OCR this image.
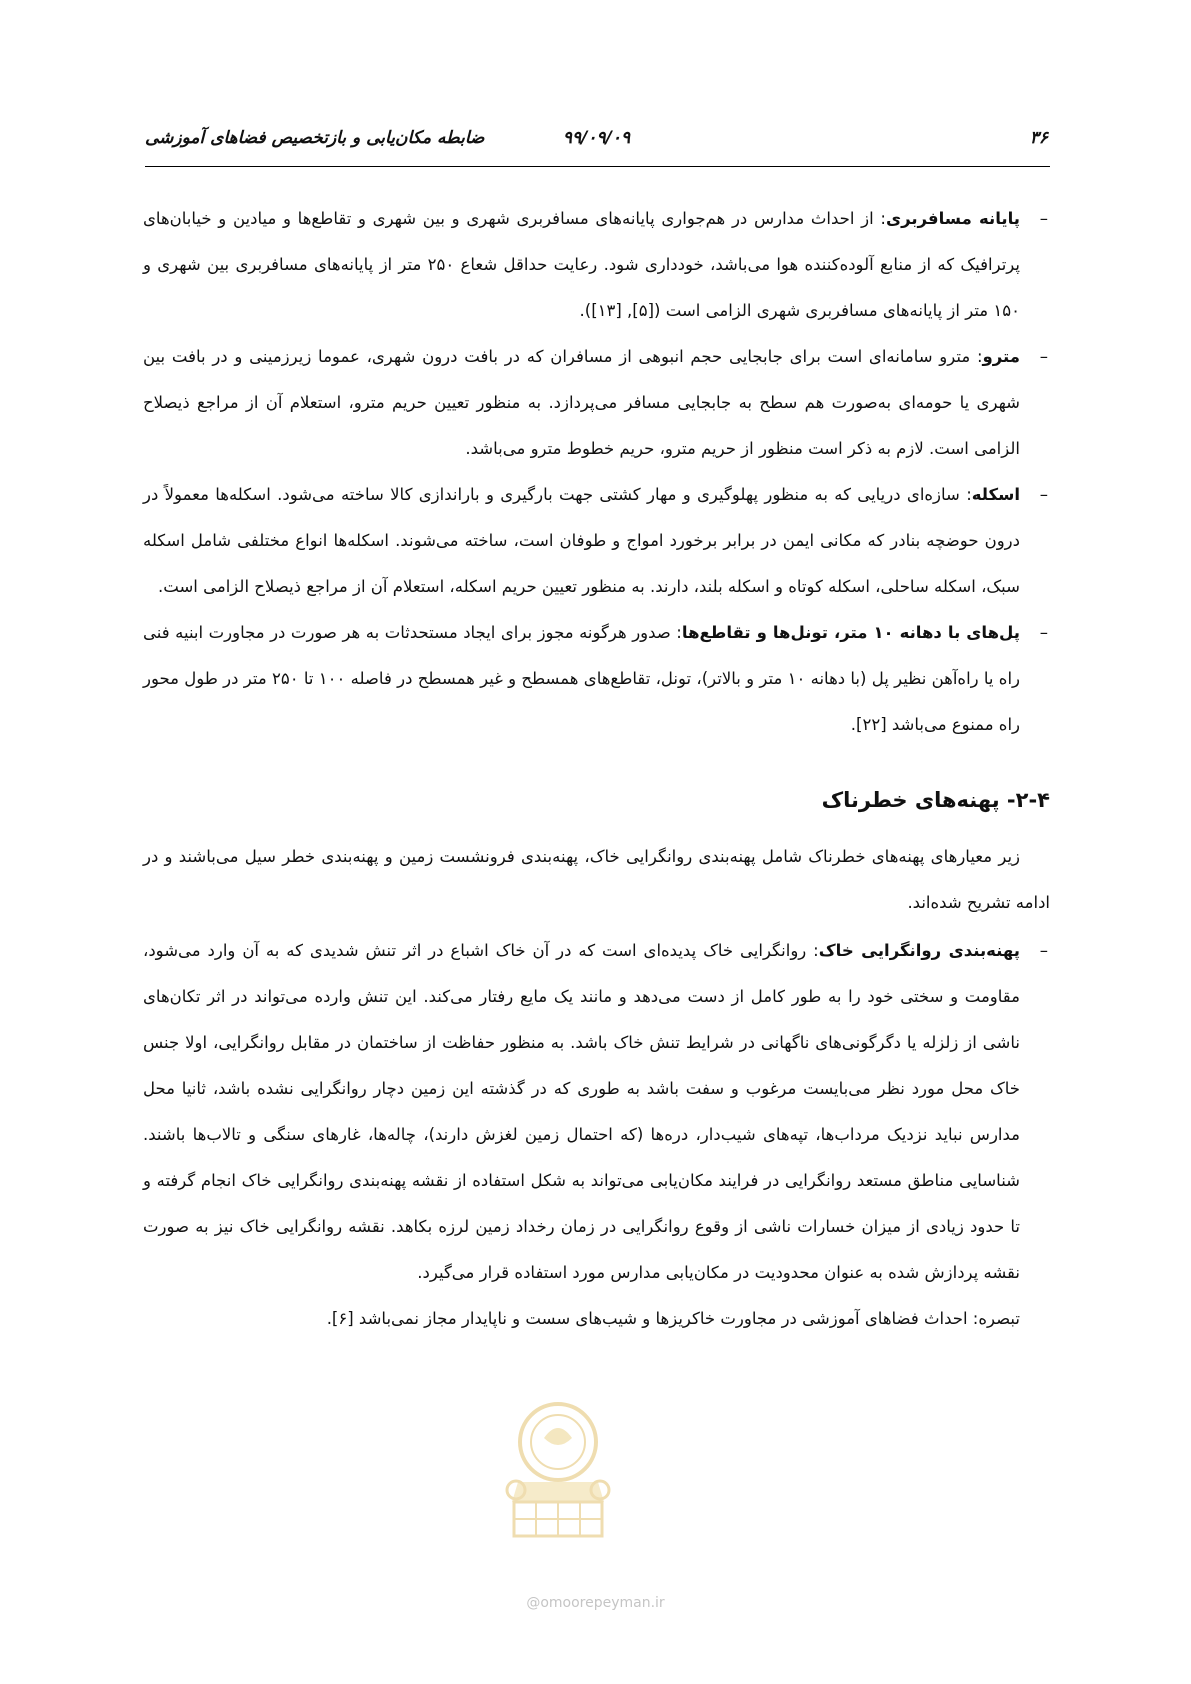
۳۶
۹۹/۰۹/۰۹
ضابطه مکان‌یابی و بازتخصیص فضاهای آموزشی

– پایانه مسافربری: از احداث مدارس در هم‌جواری پایانه‌های مسافربری شهری و بین شهری و تقاطع‌ها و میادین و خیابان‌های پرترافیک که از منابع آلوده‌کننده هوا می‌باشد، خودداری شود. رعایت حداقل شعاع ۲۵۰ متر از پایانه‌های مسافربری بین شهری و ۱۵۰ متر از پایانه‌های مسافربری شهری الزامی است ([۵], [۱۳]).

– مترو: مترو سامانه‌ای است برای جابجایی حجم انبوهی از مسافران که در بافت درون شهری، عموما زیرزمینی و در بافت بین شهری یا حومه‌ای به‌صورت هم سطح به جابجایی مسافر می‌پردازد. به منظور تعیین حریم مترو، استعلام آن از مراجع ذیصلاح الزامی است. لازم به ذکر است منظور از حریم مترو، حریم خطوط مترو می‌باشد.

– اسکله: سازه‌ای دریایی که به منظور پهلوگیری و مهار کشتی جهت بارگیری و باراندازی کالا ساخته می‌شود. اسکله‌ها معمولاً در درون حوضچه بنادر که مکانی ایمن در برابر برخورد امواج و طوفان است، ساخته می‌شوند. اسکله‌ها انواع مختلفی شامل اسکله سبک، اسکله ساحلی، اسکله کوتاه و اسکله بلند، دارند. به منظور تعیین حریم اسکله، استعلام آن از مراجع ذیصلاح الزامی است.

– پل‌های با دهانه ۱۰ متر، تونل‌ها و تقاطع‌ها: صدور هرگونه مجوز برای ایجاد مستحدثات به هر صورت در مجاورت ابنیه فنی راه یا راه‌آهن نظیر پل (با دهانه ۱۰ متر و بالاتر)، تونل، تقاطع‌های همسطح و غیر همسطح در فاصله ۱۰۰ تا ۲۵۰ متر در طول محور راه ممنوع می‌باشد [۲۲].

۲-۴- پهنه‌های خطرناک

زیر معیارهای پهنه‌های خطرناک شامل پهنه‌بندی روانگرایی خاک، پهنه‌بندی فرونشست زمین و پهنه‌بندی خطر سیل می‌باشند و در ادامه تشریح شده‌اند.

– پهنه‌بندی روانگرایی خاک: روانگرایی خاک پدیده‌ای است که در آن خاک اشباع در اثر تنش شدیدی که به آن وارد می‌شود، مقاومت و سختی خود را به طور کامل از دست می‌دهد و مانند یک مایع رفتار می‌کند. این تنش وارده می‌تواند در اثر تکان‌های ناشی از زلزله یا دگرگونی‌های ناگهانی در شرایط تنش خاک باشد. به منظور حفاظت از ساختمان در مقابل روانگرایی، اولا جنس خاک محل مورد نظر می‌بایست مرغوب و سفت باشد به طوری که در گذشته این زمین دچار روانگرایی نشده باشد، ثانیا محل مدارس نباید نزدیک مرداب‌ها، تپه‌های شیب‌دار، دره‌ها (که احتمال زمین لغزش دارند)، چاله‌ها، غارهای سنگی و تالاب‌ها باشند. شناسایی مناطق مستعد روانگرایی در فرایند مکان‌یابی می‌تواند به شکل استفاده از نقشه پهنه‌بندی روانگرایی خاک انجام گرفته و تا حدود زیادی از میزان خسارات ناشی از وقوع روانگرایی در زمان رخداد زمین لرزه بکاهد. نقشه روانگرایی خاک نیز به صورت نقشه پردازش شده به عنوان محدودیت در مکان‌یابی مدارس مورد استفاده قرار می‌گیرد.

تبصره: احداث فضاهای آموزشی در مجاورت خاکریزها و شیب‌های سست و ناپایدار مجاز نمی‌باشد [۶].

@omoorepeyman.ir
